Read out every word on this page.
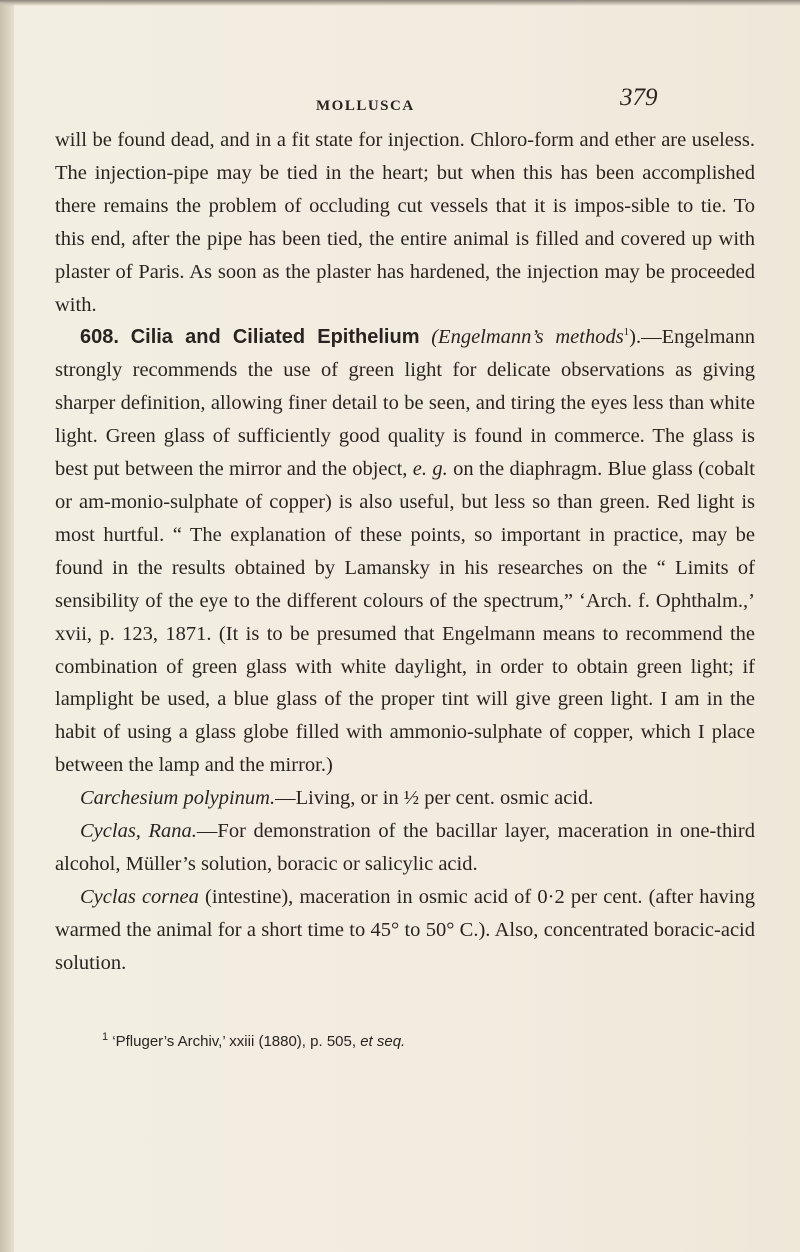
MOLLUSCA	379

will be found dead, and in a fit state for injection. Chloro-form and ether are useless. The injection-pipe may be tied in the heart; but when this has been accomplished there remains the problem of occluding cut vessels that it is impos-sible to tie. To this end, after the pipe has been tied, the entire animal is filled and covered up with plaster of Paris. As soon as the plaster has hardened, the injection may be proceeded with.

608. Cilia and Ciliated Epithelium (Engelmann’s methods$^1$).—Engelmann strongly recommends the use of green light for delicate observations as giving sharper definition, allowing finer detail to be seen, and tiring the eyes less than white light. Green glass of sufficiently good quality is found in commerce. The glass is best put between the mirror and the object, e. g. on the diaphragm. Blue glass (cobalt or am-monio-sulphate of copper) is also useful, but less so than green. Red light is most hurtful. “ The explanation of these points, so important in practice, may be found in the results obtained by Lamansky in his researches on the “ Limits of sensibility of the eye to the different colours of the spectrum,” ‘Arch. f. Ophthalm.,’ xvii, p. 123, 1871. (It is to be presumed that Engelmann means to recommend the combination of green glass with white daylight, in order to obtain green light; if lamplight be used, a blue glass of the proper tint will give green light. I am in the habit of using a glass globe filled with ammonio-sulphate of copper, which I place between the lamp and the mirror.)

Carchesium polypinum.—Living, or in ½ per cent. osmic acid.

Cyclas, Rana.—For demonstration of the bacillar layer, maceration in one-third alcohol, Müller’s solution, boracic or salicylic acid.

Cyclas cornea (intestine), maceration in osmic acid of 0·2 per cent. (after having warmed the animal for a short time to 45° to 50° C.). Also, concentrated boracic-acid solution.

$^1$ ‘Pfluger’s Archiv,’ xxiii (1880), p. 505, et seq.
